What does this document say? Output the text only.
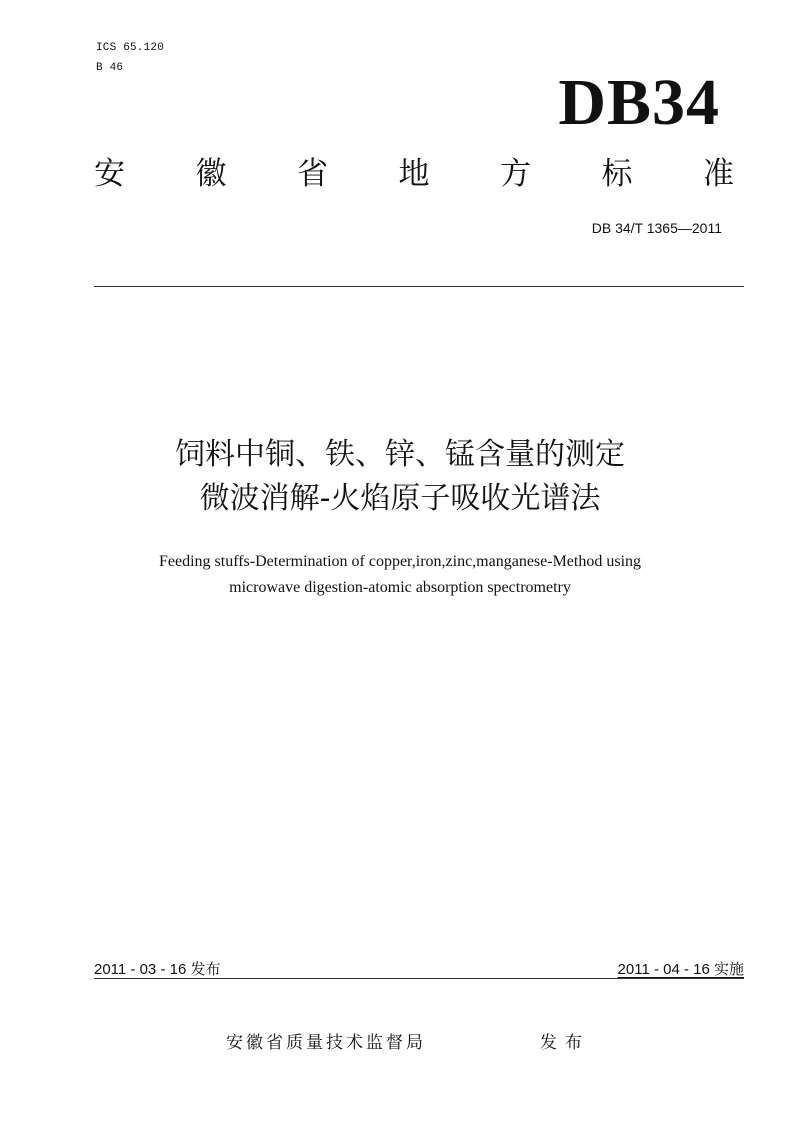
ICS 65.120
B 46	DB34
安 徽 省 地 方 标 准
DB 34/T 1365—2011
饲料中铜、铁、锌、锰含量的测定
微波消解-火焰原子吸收光谱法
Feeding stuffs-Determination of copper,iron,zinc,manganese-Method using
microwave digestion-atomic absorption spectrometry
2011 - 03 - 16 发布	2011 - 04 - 16 实施
安徽省质量技术监督局	发布
